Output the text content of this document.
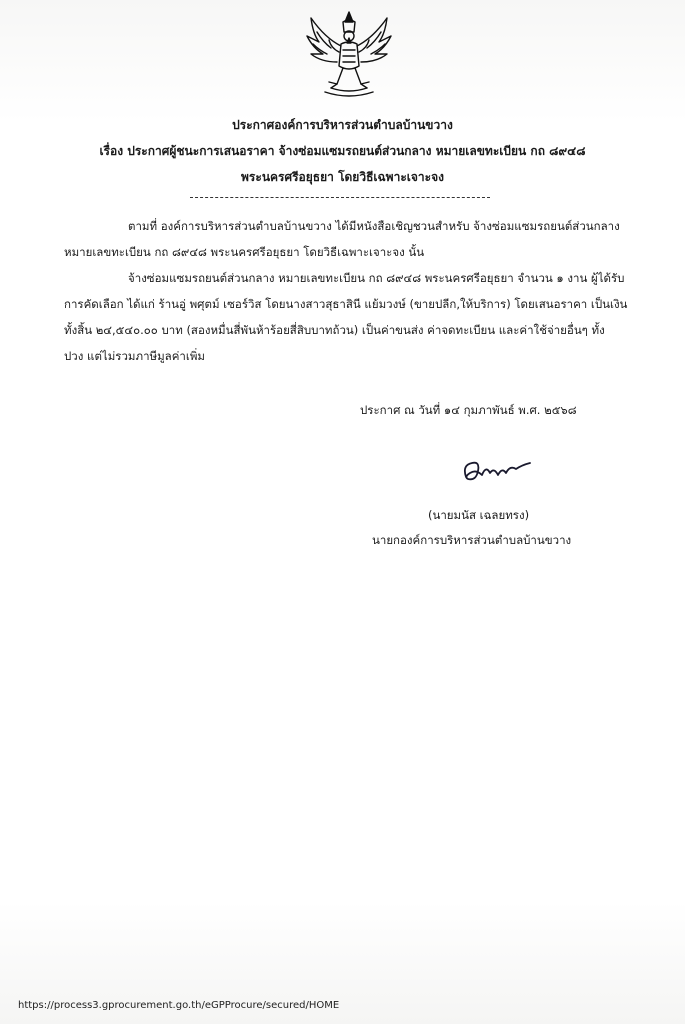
ประกาศองค์การบริหารส่วนตำบลบ้านขวาง
เรื่อง ประกาศผู้ชนะการเสนอราคา จ้างซ่อมแซมรถยนต์ส่วนกลาง หมายเลขทะเบียน กถ ๘๙๔๘
พระนครศรีอยุธยา โดยวิธีเฉพาะเจาะจง
ตามที่ องค์การบริหารส่วนตำบลบ้านขวาง ได้มีหนังสือเชิญชวนสำหรับ จ้างซ่อมแซมรถยนต์ส่วนกลาง
หมายเลขทะเบียน กถ ๘๙๔๘ พระนครศรีอยุธยา โดยวิธีเฉพาะเจาะจง นั้น
จ้างซ่อมแซมรถยนต์ส่วนกลาง หมายเลขทะเบียน กถ ๘๙๔๘ พระนครศรีอยุธยา จำนวน ๑ งาน ผู้ได้รับ
การคัดเลือก ได้แก่ ร้านอู่ พศุตม์ เซอร์วิส โดยนางสาวสุธาสินี แย้มวงษ์ (ขายปลีก,ให้บริการ) โดยเสนอราคา เป็นเงิน
ทั้งสิ้น ๒๔,๕๔๐.๐๐ บาท (สองหมื่นสี่พันห้าร้อยสี่สิบบาทถ้วน) เป็นค่าขนส่ง ค่าจดทะเบียน และค่าใช้จ่ายอื่นๆ ทั้ง
ปวง แต่ไม่รวมภาษีมูลค่าเพิ่ม
ประกาศ ณ วันที่ ๑๔ กุมภาพันธ์ พ.ศ. ๒๕๖๘
(นายมนัส เฉลยทรง)
นายกองค์การบริหารส่วนตำบลบ้านขวาง
https://process3.gprocurement.go.th/eGPProcure/secured/HOME
